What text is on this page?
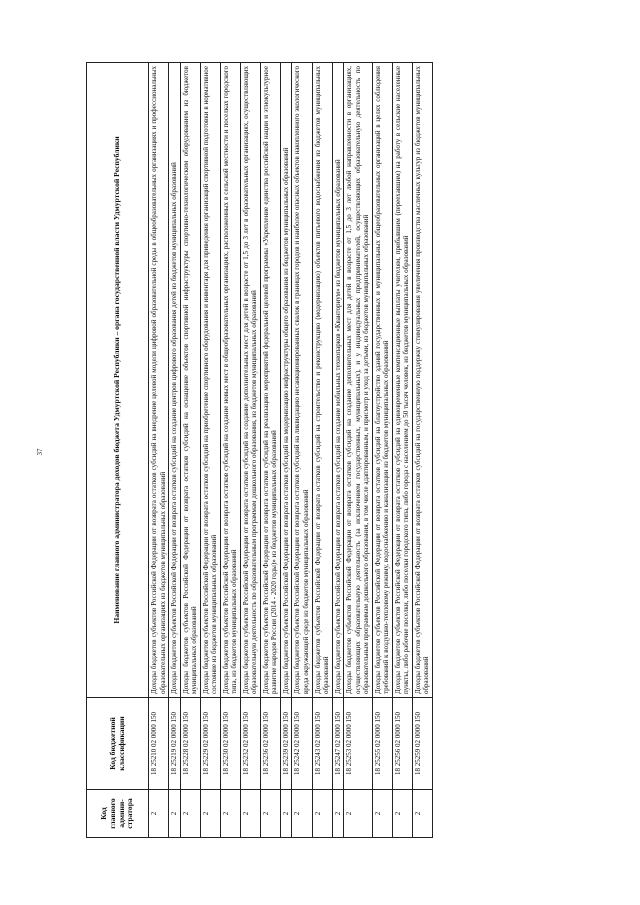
37
Код главного админи-стратора	Код бюджетной классификации	Наименование главного администратора доходов бюджета Удмуртской Республики – органа государственной власти Удмуртской Республики
2	18 25210 02 0000 150	Доходы бюджетов субъектов Российской Федерации от возврата остатков субсидий на внедрение целевой модели цифровой образовательной среды в общеобразовательных организациях и профессиональных образовательных организациях из бюджетов муниципальных образований
2	18 25219 02 0000 150	Доходы бюджетов субъектов Российской Федерации от возврата остатков субсидий на создание центров цифрового образования детей из бюджетов муниципальных образований
2	18 25228 02 0000 150	Доходы бюджетов субъектов Российской Федерации от возврата остатков субсидий на оснащение объектов спортивной инфраструктуры спортивно-технологическим оборудованием из бюджетов муниципальных образований
2	18 25229 02 0000 150	Доходы бюджетов субъектов Российской Федерации от возврата остатков субсидий на приобретение спортивного оборудования и инвентаря для приведения организаций спортивной подготовки в нормативное состояние из бюджетов муниципальных образований
2	18 25230 02 0000 150	Доходы бюджетов субъектов Российской Федерации от возврата остатков субсидий на создание новых мест в общеобразовательных организациях, расположенных в сельской местности и поселках городского типа, из бюджетов муниципальных образований
2	18 25232 02 0000 150	Доходы бюджетов субъектов Российской Федерации от возврата остатков субсидий на создание дополнительных мест для детей в возрасте от 1,5 до 3 лет в образовательных организациях, осуществляющих образовательную деятельность по образовательным программам дошкольного образования, из бюджетов муниципальных образований
2	18 25236 02 0000 150	Доходы бюджетов субъектов Российской Федерации от возврата остатков субсидий на реализацию мероприятий федеральной целевой программы «Укрепление единства российской нации и этнокультурное развитие народов России (2014 - 2020 годы)» из бюджетов муниципальных образований
2	18 25239 02 0000 150	Доходы бюджетов субъектов Российской Федерации от возврата остатков субсидий на модернизацию инфраструктуры общего образования из бюджетов муниципальных образований
2	18 25242 02 0000 150	Доходы бюджетов субъектов Российской Федерации от возврата остатков субсидий на ликвидацию несанкционированных свалок в границах городов и наиболее опасных объектов накопленного экологического вреда окружающей среде из бюджетов муниципальных образований
2	18 25243 02 0000 150	Доходы бюджетов субъектов Российской Федерации от возврата остатков субсидий на строительство и реконструкцию (модернизацию) объектов питьевого водоснабжения из бюджетов муниципальных образований
2	18 25247 02 0000 150	Доходы бюджетов субъектов Российской Федерации от возврата остатков субсидий на создание мобильных технопарков «Кванториум» из бюджетов муниципальных образований
2	18 25253 02 0000 150	Доходы бюджетов субъектов Российской Федерации от возврата остатков субсидий на создание дополнительных мест для детей в возрасте от 1,5 до 3 лет любой направленности в организациях, осуществляющих образовательную деятельность (за исключением государственных, муниципальных), и у индивидуальных предпринимателей, осуществляющих образовательную деятельность по образовательным программам дошкольного образования, в том числе адаптированным, и присмотр и уход за детьми, из бюджетов муниципальных образований
2	18 25255 02 0000 150	Доходы бюджетов субъектов Российской Федерации от возврата остатков субсидий на благоустройство зданий государственных и муниципальных общеобразовательных организаций в целях соблюдения требований к воздушно-тепловому режиму, водоснабжению и канализации из бюджетов муниципальных образований
2	18 25256 02 0000 150	Доходы бюджетов субъектов Российской Федерации от возврата остатков субсидий на единовременные компенсационные выплаты учителям, прибывшим (переехавшим) на работу в сельские населенные пункты, либо рабочие поселки, либо поселки городского типа, либо города с населением до 50 тысяч человек, из бюджетов муниципальных образований
2	18 25259 02 0000 150	Доходы бюджетов субъектов Российской Федерации от возврата остатков субсидий на государственную поддержку стимулирования увеличения производства масличных культур из бюджетов муниципальных образований
